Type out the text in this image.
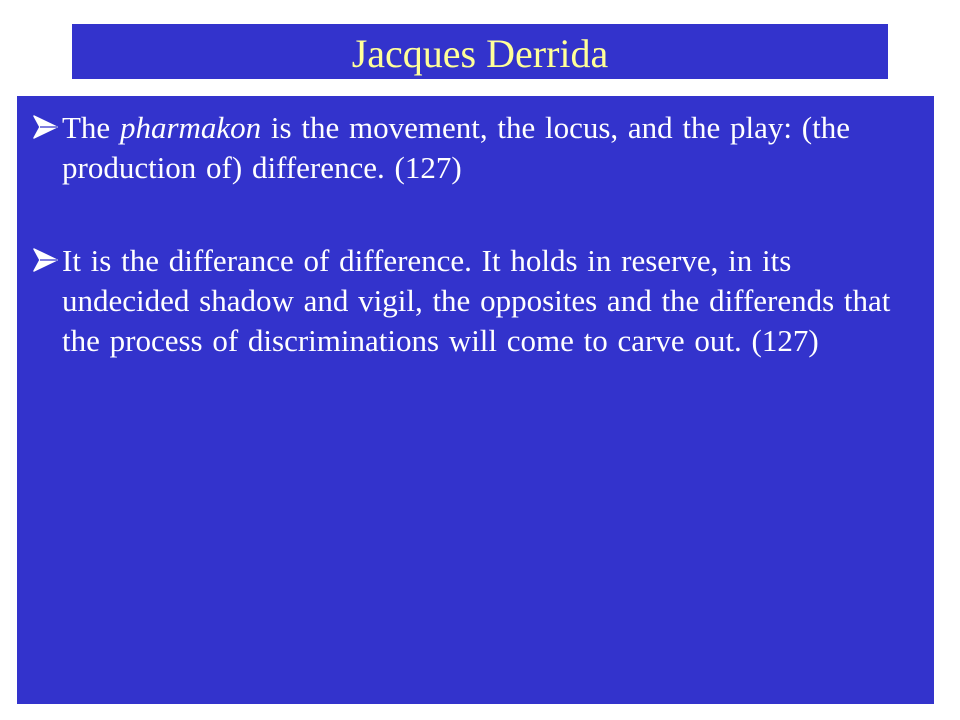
Jacques Derrida
The pharmakon is the movement, the locus, and the play: (the production of) difference. (127)
It is the differance of difference. It holds in reserve, in its undecided shadow and vigil, the opposites and the differends that the process of discriminations will come to carve out. (127)
